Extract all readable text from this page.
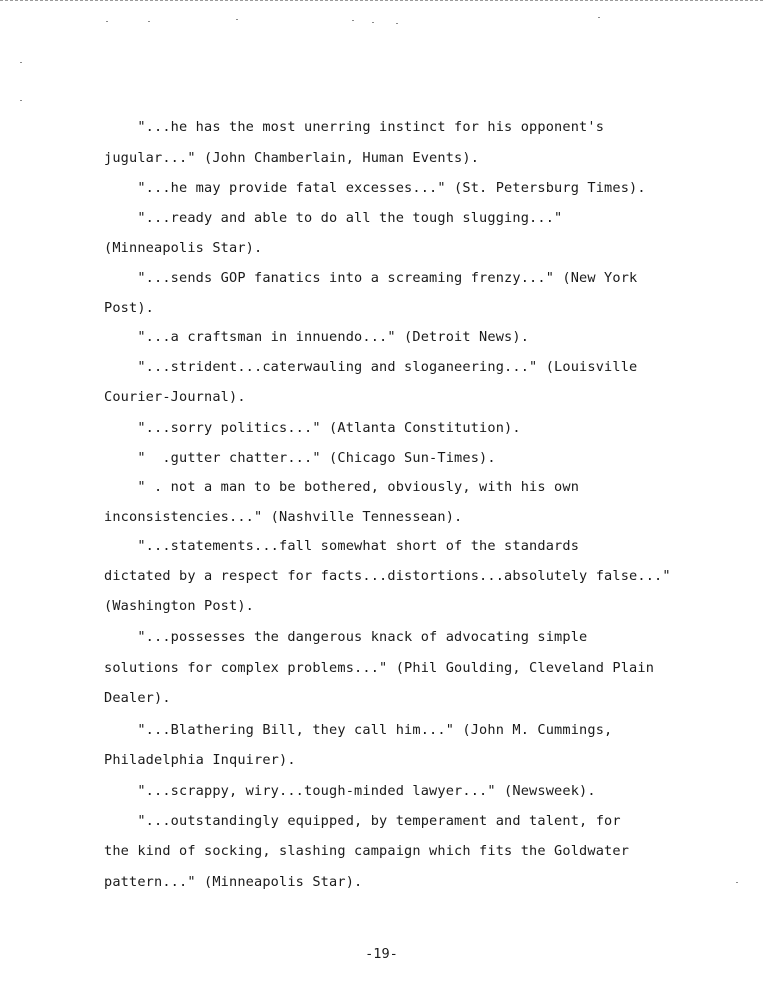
"...he has the most unerring instinct for his opponent's
jugular..." (John Chamberlain, Human Events).
"...he may provide fatal excesses..." (St. Petersburg Times).
"...ready and able to do all the tough slugging..."
(Minneapolis Star).
"...sends GOP fanatics into a screaming frenzy..." (New York
Post).
"...a craftsman in innuendo..." (Detroit News).
"...strident...caterwauling and sloganeering..." (Louisville
Courier-Journal).
"...sorry politics..." (Atlanta Constitution).
"  .gutter chatter..." (Chicago Sun-Times).
" . not a man to be bothered, obviously, with his own
inconsistencies..." (Nashville Tennessean).
"...statements...fall somewhat short of the standards
dictated by a respect for facts...distortions...absolutely false..."
(Washington Post).
"...possesses the dangerous knack of advocating simple
solutions for complex problems..." (Phil Goulding, Cleveland Plain
Dealer).
"...Blathering Bill, they call him..." (John M. Cummings,
Philadelphia Inquirer).
"...scrappy, wiry...tough-minded lawyer..." (Newsweek).
"...outstandingly equipped, by temperament and talent, for
the kind of socking, slashing campaign which fits the Goldwater
pattern..." (Minneapolis Star).
-19-
